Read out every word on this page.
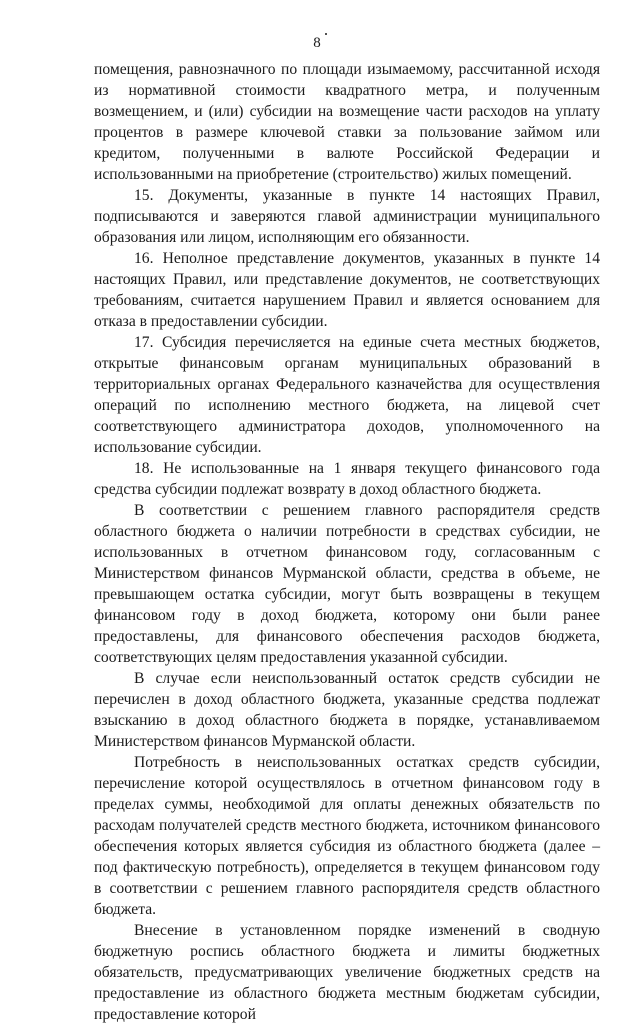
8

помещения, равнозначного по площади изымаемому, рассчитанной исходя из нормативной стоимости квадратного метра, и полученным возмещением, и (или) субсидии на возмещение части расходов на уплату процентов в размере ключевой ставки за пользование займом или кредитом, полученными в валюте Российской Федерации и использованными на приобретение (строительство) жилых помещений.

15. Документы, указанные в пункте 14 настоящих Правил, подписываются и заверяются главой администрации муниципального образования или лицом, исполняющим его обязанности.

16. Неполное представление документов, указанных в пункте 14 настоящих Правил, или представление документов, не соответствующих требованиям, считается нарушением Правил и является основанием для отказа в предоставлении субсидии.

17. Субсидия перечисляется на единые счета местных бюджетов, открытые финансовым органам муниципальных образований в территориальных органах Федерального казначейства для осуществления операций по исполнению местного бюджета, на лицевой счет соответствующего администратора доходов, уполномоченного на использование субсидии.

18. Не использованные на 1 января текущего финансового года средства субсидии подлежат возврату в доход областного бюджета.

В соответствии с решением главного распорядителя средств областного бюджета о наличии потребности в средствах субсидии, не использованных в отчетном финансовом году, согласованным с Министерством финансов Мурманской области, средства в объеме, не превышающем остатка субсидии, могут быть возвращены в текущем финансовом году в доход бюджета, которому они были ранее предоставлены, для финансового обеспечения расходов бюджета, соответствующих целям предоставления указанной субсидии.

В случае если неиспользованный остаток средств субсидии не перечислен в доход областного бюджета, указанные средства подлежат взысканию в доход областного бюджета в порядке, устанавливаемом Министерством финансов Мурманской области.

Потребность в неиспользованных остатках средств субсидии, перечисление которой осуществлялось в отчетном финансовом году в пределах суммы, необходимой для оплаты денежных обязательств по расходам получателей средств местного бюджета, источником финансового обеспечения которых является субсидия из областного бюджета (далее – под фактическую потребность), определяется в текущем финансовом году в соответствии с решением главного распорядителя средств областного бюджета.

Внесение в установленном порядке изменений в сводную бюджетную роспись областного бюджета и лимиты бюджетных обязательств, предусматривающих увеличение бюджетных средств на предоставление из областного бюджета местным бюджетам субсидии, предоставление которой
